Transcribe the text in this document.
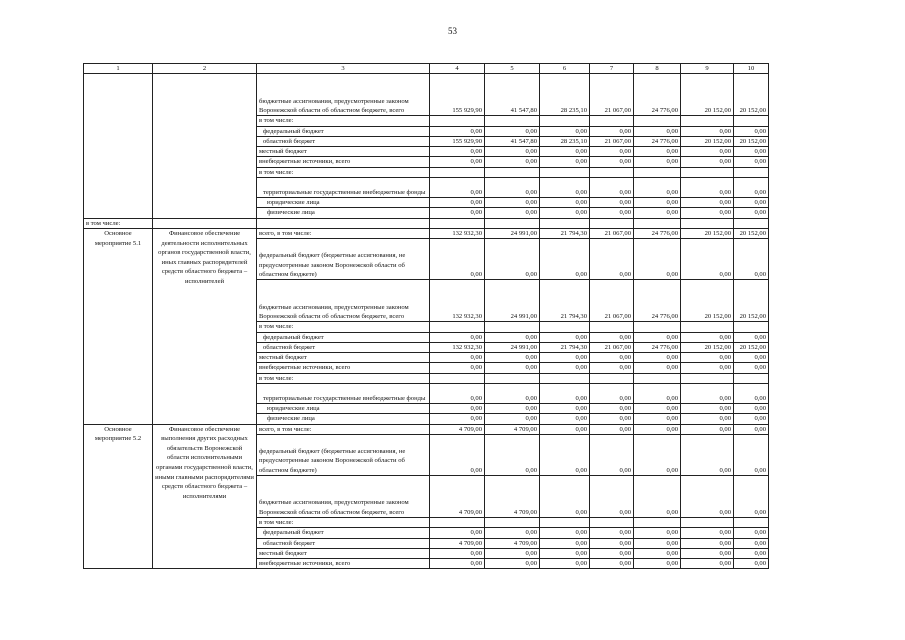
53
1	2	3	4	5	6	7	8	9	10
		бюджетные ассигнования, предусмотренные законом Воронежской области об областном бюджете, всего	155 929,90	41 547,80	28 235,10	21 067,00	24 776,00	20 152,00	20 152,00
		в том числе:							
		федеральный бюджет	0,00	0,00	0,00	0,00	0,00	0,00	0,00
		областной бюджет	155 929,90	41 547,80	28 235,10	21 067,00	24 776,00	20 152,00	20 152,00
		местный бюджет	0,00	0,00	0,00	0,00	0,00	0,00	0,00
		внебюджетные источники, всего	0,00	0,00	0,00	0,00	0,00	0,00	0,00
		в том числе:							
		территориальные государственные внебюджетные фонды	0,00	0,00	0,00	0,00	0,00	0,00	0,00
		юридические лица	0,00	0,00	0,00	0,00	0,00	0,00	0,00
		физические лица	0,00	0,00	0,00	0,00	0,00	0,00	0,00
в том числе:									
Основное мероприятие 5.1	Финансовое обеспечение деятельности исполнительных органов государственной власти, иных главных распорядителей средств областного бюджета – исполнителей	всего, в том числе:	132 932,30	24 991,00	21 794,30	21 067,00	24 776,00	20 152,00	20 152,00
		федеральный бюджет (бюджетные ассигнования, не предусмотренные законом Воронежской области об областном бюджете)	0,00	0,00	0,00	0,00	0,00	0,00	0,00
		бюджетные ассигнования, предусмотренные законом Воронежской области об областном бюджете, всего	132 932,30	24 991,00	21 794,30	21 067,00	24 776,00	20 152,00	20 152,00
		в том числе:							
		федеральный бюджет	0,00	0,00	0,00	0,00	0,00	0,00	0,00
		областной бюджет	132 932,30	24 991,00	21 794,30	21 067,00	24 776,00	20 152,00	20 152,00
		местный бюджет	0,00	0,00	0,00	0,00	0,00	0,00	0,00
		внебюджетные источники, всего	0,00	0,00	0,00	0,00	0,00	0,00	0,00
		в том числе:							
		территориальные государственные внебюджетные фонды	0,00	0,00	0,00	0,00	0,00	0,00	0,00
		юридические лица	0,00	0,00	0,00	0,00	0,00	0,00	0,00
		физические лица	0,00	0,00	0,00	0,00	0,00	0,00	0,00
Основное мероприятие 5.2	Финансовое обеспечение выполнения других расходных обязательств Воронежской области исполнительными органами государственной власти, иными главными распорядителями средств областного бюджета – исполнителями	всего, в том числе:	4 709,00	4 709,00	0,00	0,00	0,00	0,00	0,00
		федеральный бюджет (бюджетные ассигнования, не предусмотренные законом Воронежской области об областном бюджете)	0,00	0,00	0,00	0,00	0,00	0,00	0,00
		бюджетные ассигнования, предусмотренные законом Воронежской области об областном бюджете, всего	4 709,00	4 709,00	0,00	0,00	0,00	0,00	0,00
		в том числе:							
		федеральный бюджет	0,00	0,00	0,00	0,00	0,00	0,00	0,00
		областной бюджет	4 709,00	4 709,00	0,00	0,00	0,00	0,00	0,00
		местный бюджет	0,00	0,00	0,00	0,00	0,00	0,00	0,00
		внебюджетные источники, всего	0,00	0,00	0,00	0,00	0,00	0,00	0,00
